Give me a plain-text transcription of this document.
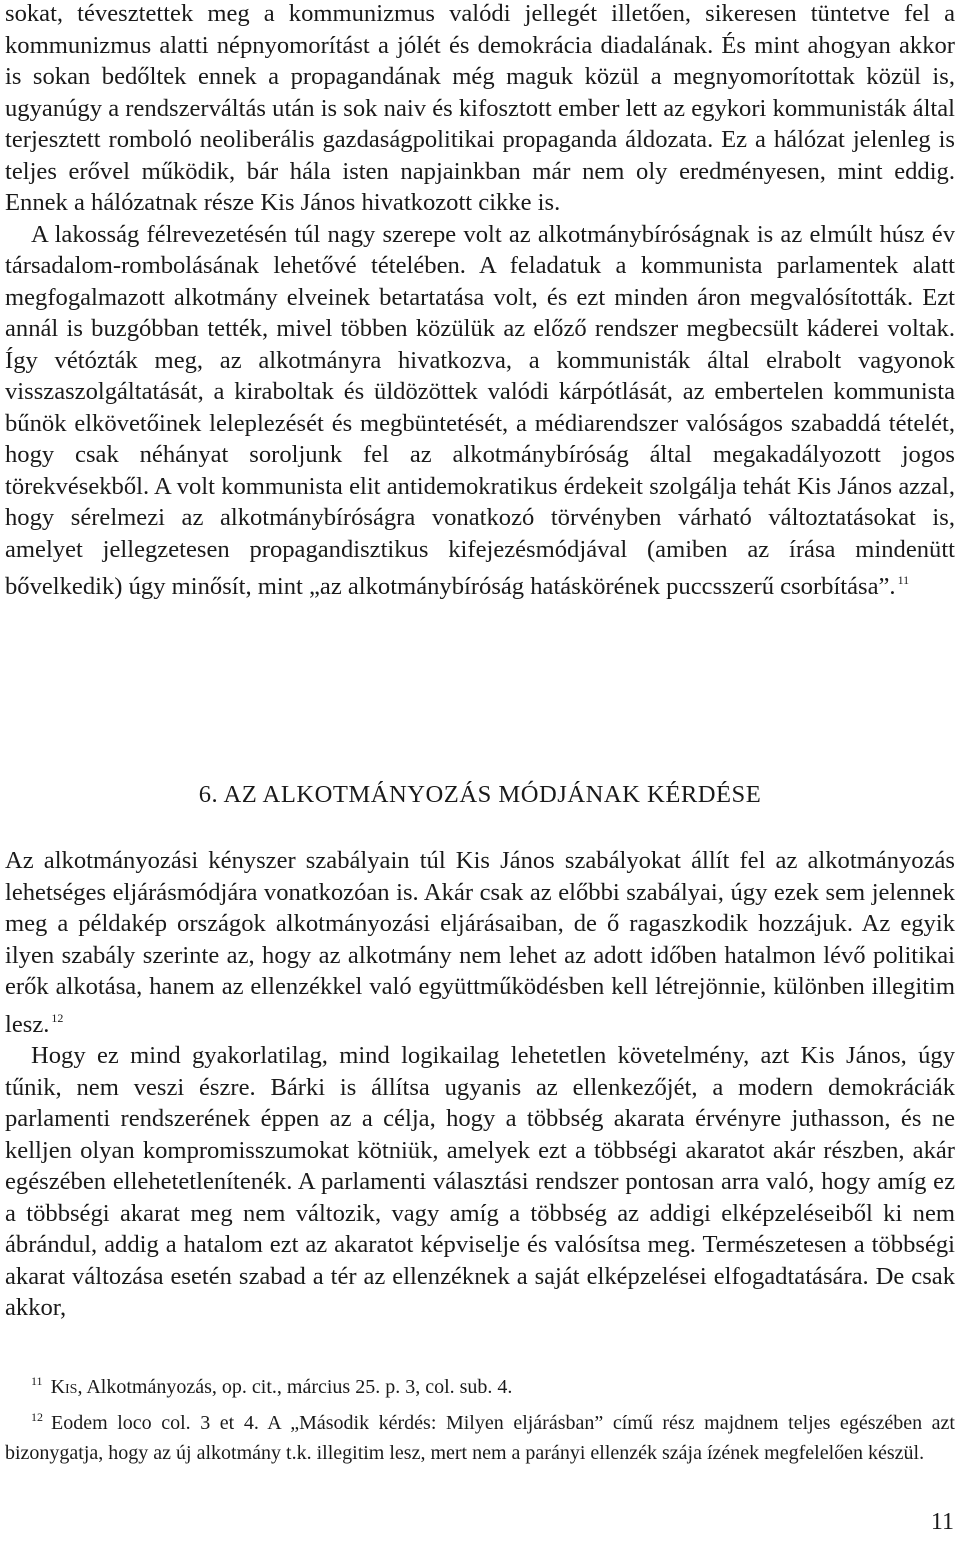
sokat, tévesztettek meg a kommunizmus valódi jellegét illetően, sikeresen tüntetve fel a kommunizmus alatti népnyomorítást a jólét és demokrácia diadalának. És mint ahogyan akkor is sokan bedőltek ennek a propagandának még maguk közül a megnyomorítottak közül is, ugyanúgy a rendszerváltás után is sok naiv és kifosztott ember lett az egykori kommunisták által terjesztett romboló neoliberális gazdaságpolitikai propaganda áldozata. Ez a hálózat jelenleg is teljes erővel működik, bár hála isten napjainkban már nem oly eredményesen, mint eddig. Ennek a hálózatnak része Kis János hivatkozott cikke is.

A lakosság félrevezetésén túl nagy szerepe volt az alkotmánybíróságnak is az elmúlt húsz év társadalom-rombolásának lehetővé tételében. A feladatuk a kommunista parlamentek alatt megfogalmazott alkotmány elveinek betartatása volt, és ezt minden áron megvalósították. Ezt annál is buzgóbban tették, mivel többen közülük az előző rendszer megbecsült káderei voltak. Így vétózták meg, az alkotmányra hivatkozva, a kommunisták által elrabolt vagyonok visszaszolgáltatását, a kiraboltak és üldözöttek valódi kárpótlását, az embertelen kommunista bűnök elkövetőinek leleplezését és megbüntetését, a médiarendszer valóságos szabaddá tételét, hogy csak néhányat soroljunk fel az alkotmánybíróság által megakadályozott jogos törekvésekből. A volt kommunista elit antidemokratikus érdekeit szolgálja tehát Kis János azzal, hogy sérelmezi az alkotmánybíróságra vonatkozó törvényben várható változtatásokat is, amelyet jellegzetesen propagandisztikus kifejezésmódjával (amiben az írása mindenütt bővelkedik) úgy minősít, mint „az alkotmánybíróság hatáskörének puccsszerű csorbítása”. $^{11}$

6. AZ ALKOTMÁNYOZÁS MÓDJÁNAK KÉRDÉSE

Az alkotmányozási kényszer szabályain túl Kis János szabályokat állít fel az alkotmányozás lehetséges eljárásmódjára vonatkozóan is. Akár csak az előbbi szabályai, úgy ezek sem jelennek meg a példakép országok alkotmányozási eljárásaiban, de ő ragaszkodik hozzájuk. Az egyik ilyen szabály szerinte az, hogy az alkotmány nem lehet az adott időben hatalmon lévő politikai erők alkotása, hanem az ellenzékkel való együttműködésben kell létrejönnie, különben illegitim lesz. $^{12}$

Hogy ez mind gyakorlatilag, mind logikailag lehetetlen követelmény, azt Kis János, úgy tűnik, nem veszi észre. Bárki is állítsa ugyanis az ellenkezőjét, a modern demokráciák parlamenti rendszerének éppen az a célja, hogy a többség akarata érvényre juthasson, és ne kelljen olyan kompromisszumokat kötniük, amelyek ezt a többségi akaratot akár részben, akár egészében ellehetetlenítenék. A parlamenti választási rendszer pontosan arra való, hogy amíg ez a többségi akarat meg nem változik, vagy amíg a többség az addigi elképzeléseiből ki nem ábrándul, addig a hatalom ezt az akaratot képviselje és valósítsa meg. Természetesen a többségi akarat változása esetén szabad a tér az ellenzéknek a saját elképzelései elfogadtatására. De csak akkor,

$^{11}$ Kis, Alkotmányozás, op. cit., március 25. p. 3, col. sub. 4.

$^{12}$ Eodem loco col. 3 et 4. A „Második kérdés: Milyen eljárásban” című rész majdnem teljes egészében azt bizonygatja, hogy az új alkotmány t.k. illegitim lesz, mert nem a parányi ellenzék szája ízének megfelelően készül.

11
